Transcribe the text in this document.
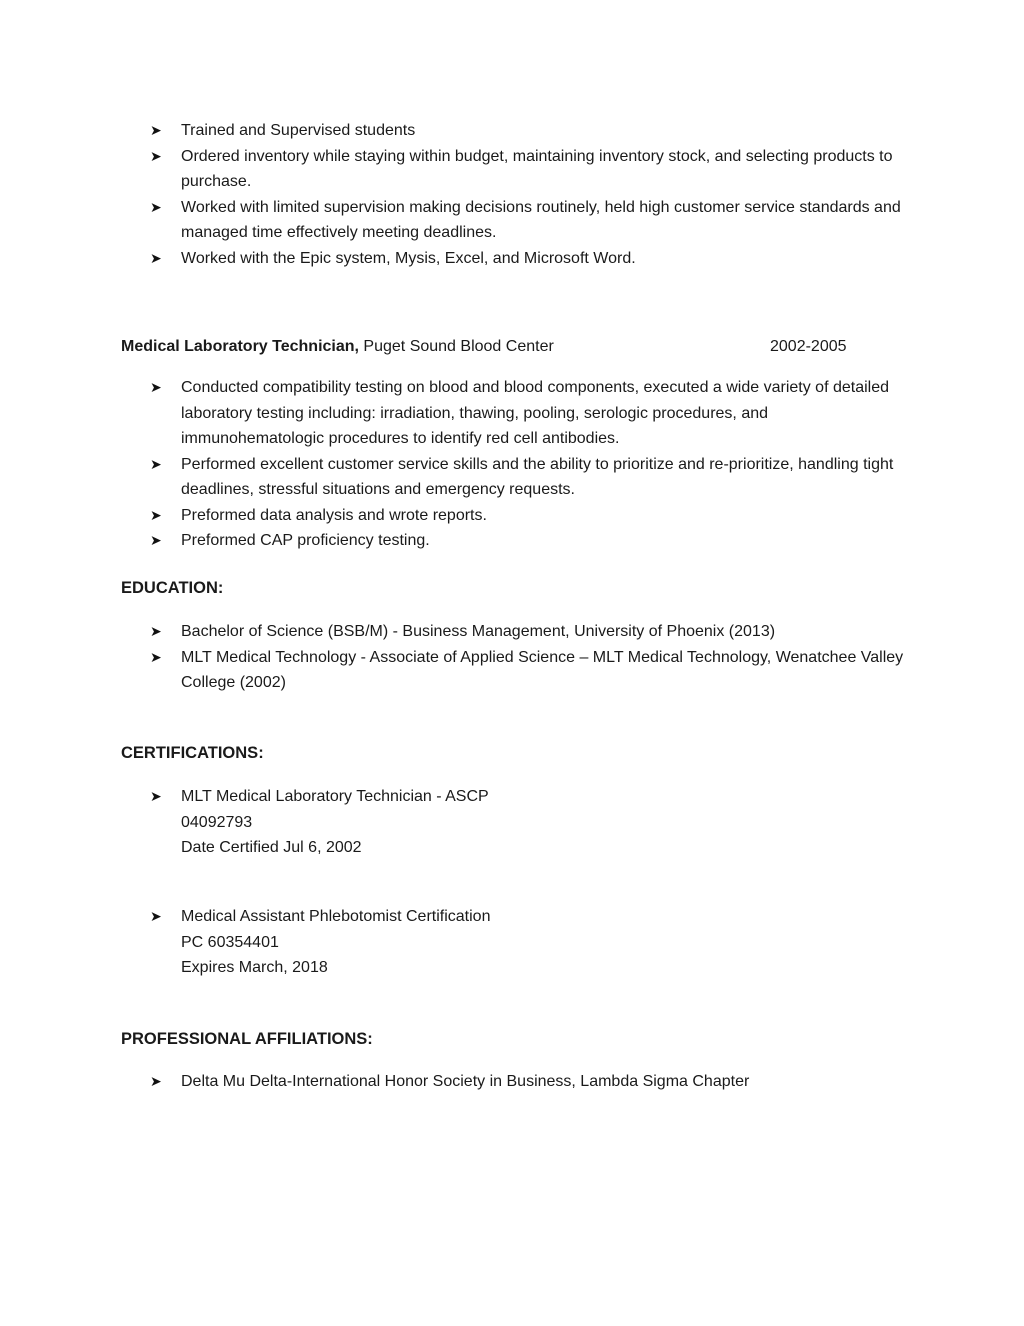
➤	Trained and Supervised students
➤	Ordered inventory while staying within budget, maintaining inventory stock, and selecting products to purchase.
➤	Worked with limited supervision making decisions routinely, held high customer service standards and managed time effectively meeting deadlines.
➤	Worked with the Epic system, Mysis, Excel, and Microsoft Word.
Medical Laboratory Technician, Puget Sound Blood Center	2002-2005
➤	Conducted compatibility testing on blood and blood components, executed a wide variety of detailed laboratory testing including: irradiation, thawing, pooling, serologic procedures, and immunohematologic procedures to identify red cell antibodies.
➤	Performed excellent customer service skills and the ability to prioritize and re-prioritize, handling tight deadlines, stressful situations and emergency requests.
➤	Preformed data analysis and wrote reports.
➤	Preformed CAP proficiency testing.
EDUCATION:
➤	Bachelor of Science (BSB/M) - Business Management, University of Phoenix (2013)
➤	MLT Medical Technology - Associate of Applied Science – MLT Medical Technology, Wenatchee Valley College (2002)
CERTIFICATIONS:
➤	MLT Medical Laboratory Technician - ASCP
04092793
Date Certified Jul 6, 2002
➤	Medical Assistant Phlebotomist Certification
PC 60354401
Expires March, 2018
PROFESSIONAL AFFILIATIONS:
➤	Delta Mu Delta-International Honor Society in Business, Lambda Sigma Chapter
